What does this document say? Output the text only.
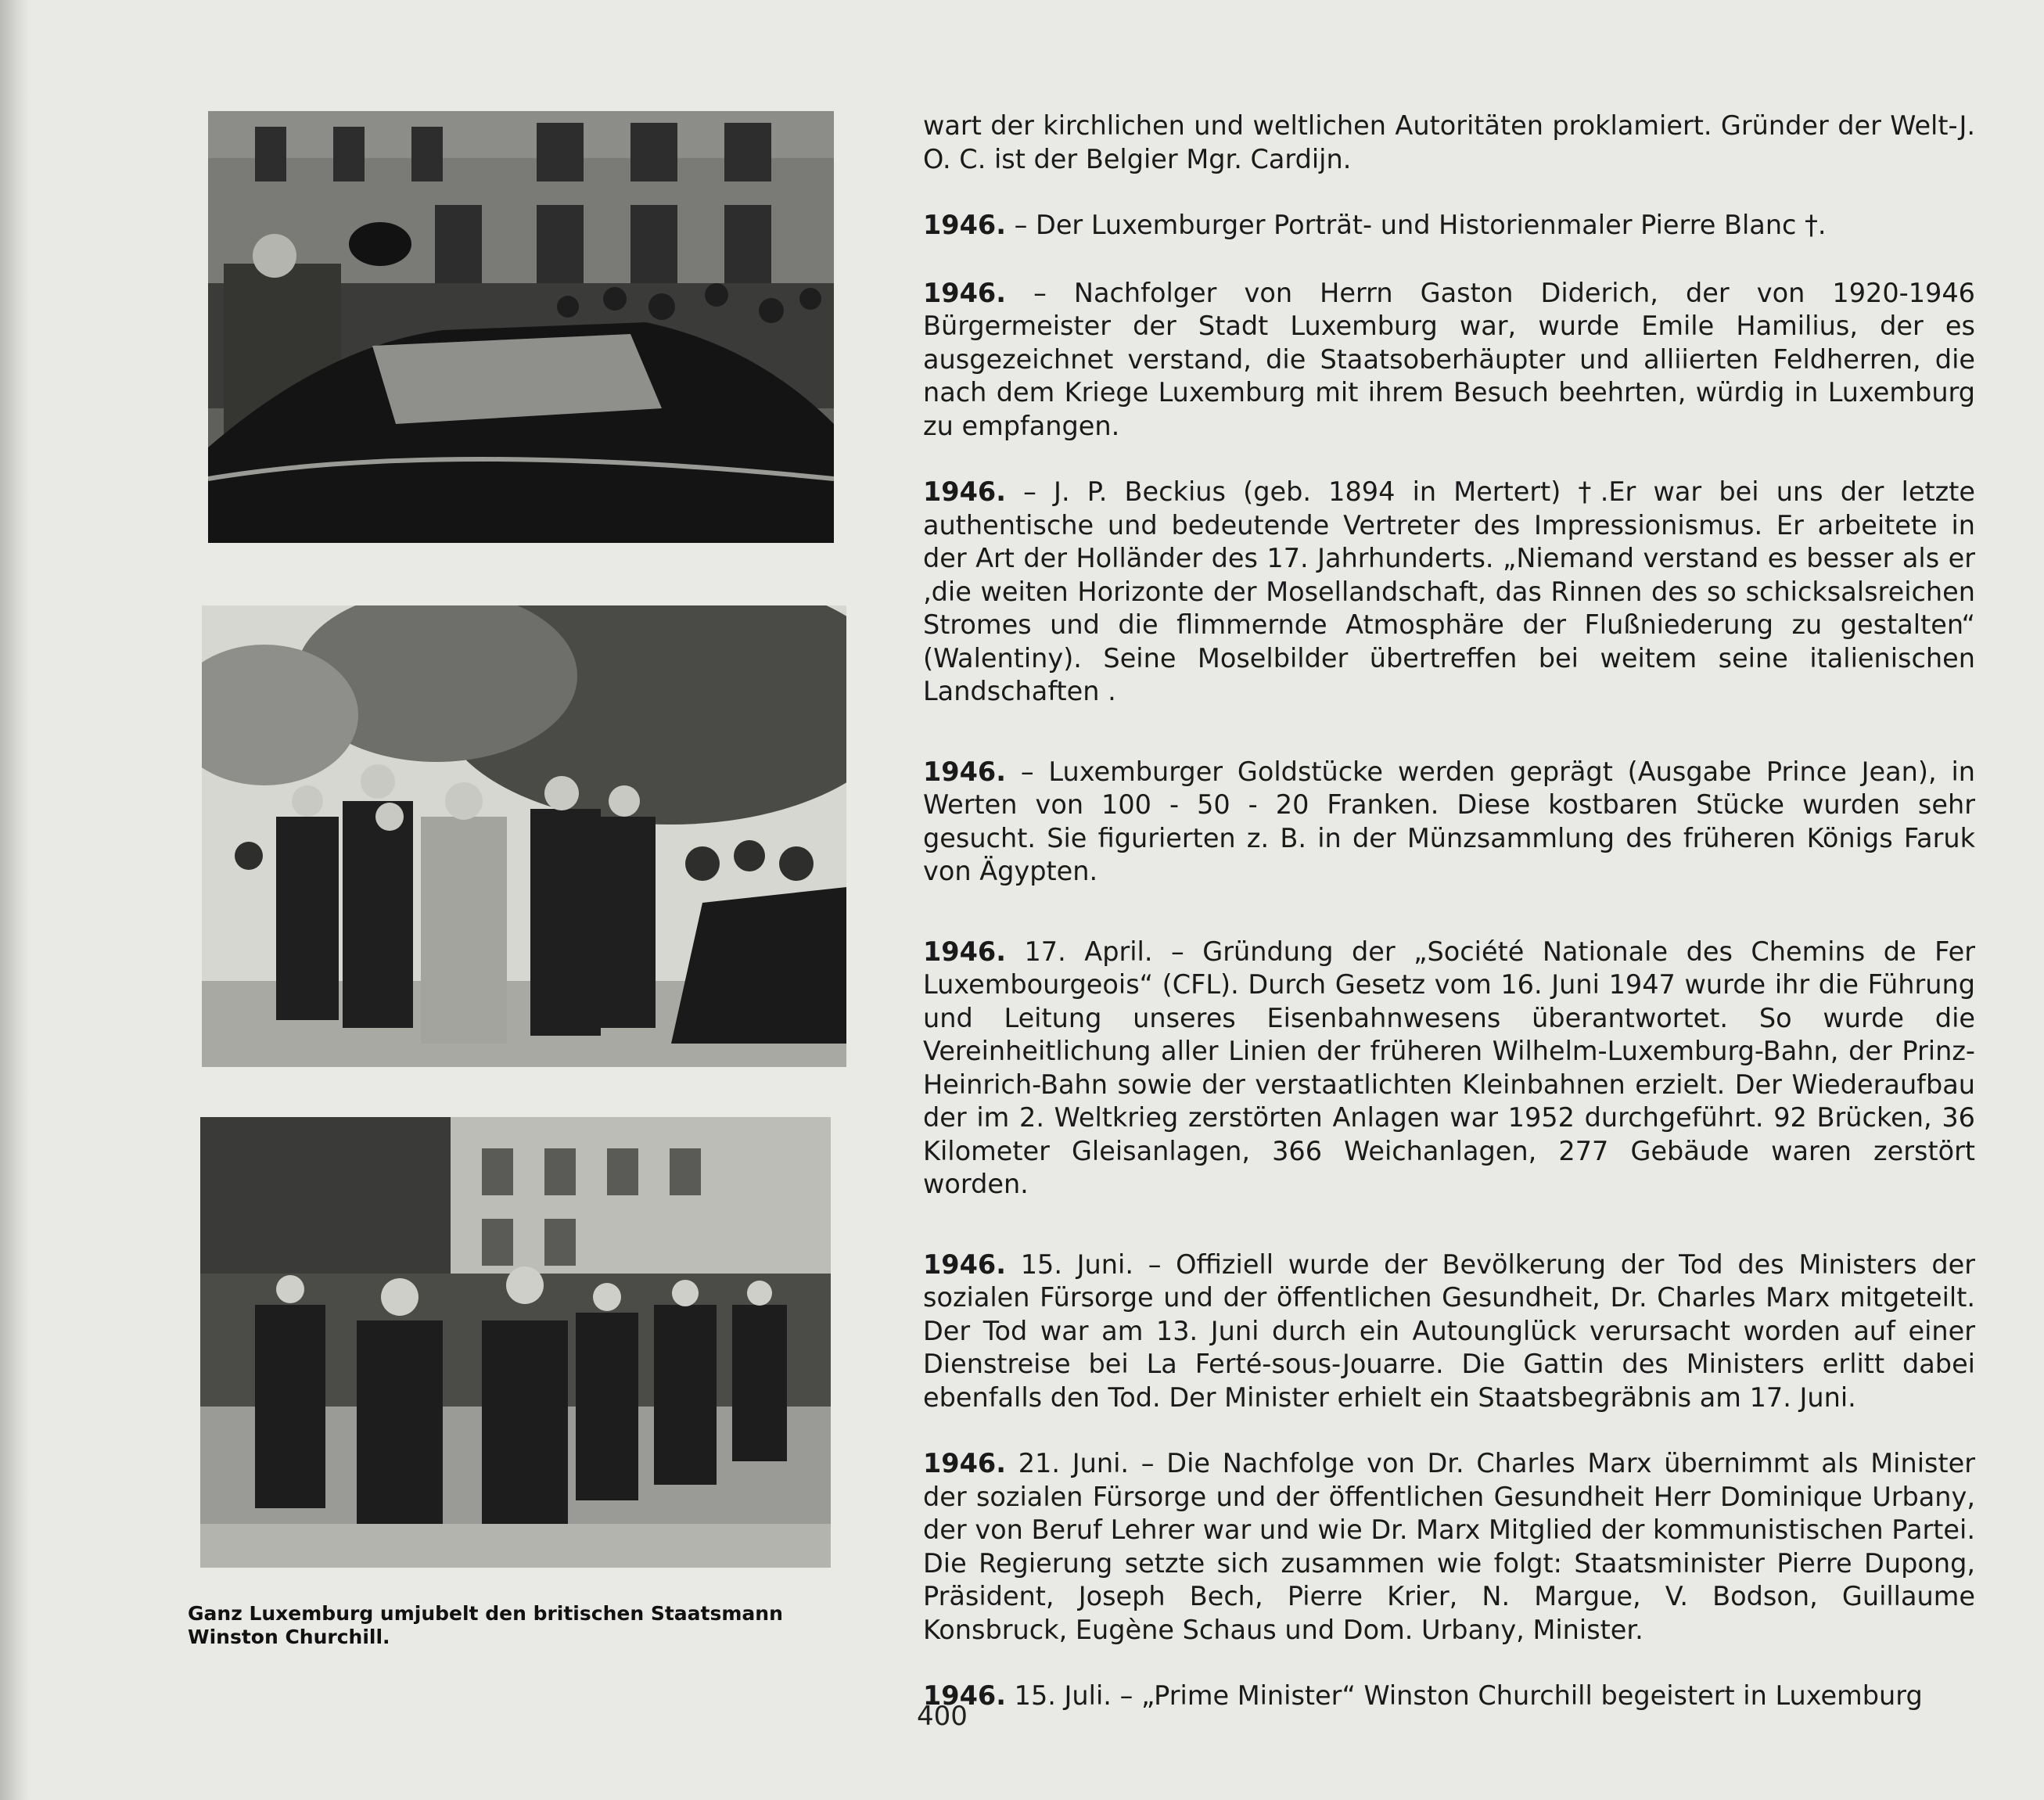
Ganz Luxemburg umjubelt den britischen Staatsmann
Winston Churchill.

wart der kirchlichen und weltlichen Autoritäten proklamiert. Gründer der Welt-J. O. C. ist der Belgier Mgr. Cardijn.

1946. – Der Luxemburger Porträt- und Historienmaler Pierre Blanc †.

1946. – Nachfolger von Herrn Gaston Diderich, der von 1920-1946 Bürgermeister der Stadt Luxemburg war, wurde Emile Hamilius, der es ausgezeichnet verstand, die Staatsoberhäupter und alliierten Feldherren, die nach dem Kriege Luxemburg mit ihrem Besuch beehrten, würdig in Luxemburg zu empfangen.

1946. – J. P. Beckius (geb. 1894 in Mertert) †.Er war bei uns der letzte authentische und bedeutende Vertreter des Impressionismus. Er arbeitete in der Art der Holländer des 17. Jahrhunderts. „Niemand verstand es besser als er ‚die weiten Horizonte der Mosellandschaft, das Rinnen des so schicksalsreichen Stromes und die flimmernde Atmosphäre der Flußniederung zu gestalten“ (Walentiny). Seine Moselbilder übertreffen bei weitem seine italienischen Landschaften .

1946. – Luxemburger Goldstücke werden geprägt (Ausgabe Prince Jean), in Werten von 100 - 50 - 20 Franken. Diese kostbaren Stücke wurden sehr gesucht. Sie figurierten z. B. in der Münzsammlung des früheren Königs Faruk von Ägypten.

1946. 17. April. – Gründung der „Société Nationale des Chemins de Fer Luxembourgeois“ (CFL). Durch Gesetz vom 16. Juni 1947 wurde ihr die Führung und Leitung unseres Eisenbahnwesens überantwortet. So wurde die Vereinheitlichung aller Linien der früheren Wilhelm-Luxemburg-Bahn, der Prinz-Heinrich-Bahn sowie der verstaatlichten Kleinbahnen erzielt. Der Wiederaufbau der im 2. Weltkrieg zerstörten Anlagen war 1952 durchgeführt. 92 Brücken, 36 Kilometer Gleisanlagen, 366 Weichanlagen, 277 Gebäude waren zerstört worden.

1946. 15. Juni. – Offiziell wurde der Bevölkerung der Tod des Ministers der sozialen Fürsorge und der öffentlichen Gesundheit, Dr. Charles Marx mitgeteilt. Der Tod war am 13. Juni durch ein Autounglück verursacht worden auf einer Dienstreise bei La Ferté-sous-Jouarre. Die Gattin des Ministers erlitt dabei ebenfalls den Tod. Der Minister erhielt ein Staatsbegräbnis am 17. Juni.

1946. 21. Juni. – Die Nachfolge von Dr. Charles Marx übernimmt als Minister der sozialen Fürsorge und der öffentlichen Gesundheit Herr Dominique Urbany, der von Beruf Lehrer war und wie Dr. Marx Mitglied der kommunistischen Partei. Die Regierung setzte sich zusammen wie folgt: Staatsminister Pierre Dupong, Präsident, Joseph Bech, Pierre Krier, N. Margue, V. Bodson, Guillaume Konsbruck, Eugène Schaus und Dom. Urbany, Minister.

1946. 15. Juli. – „Prime Minister“ Winston Churchill begeistert in Luxemburg

400
